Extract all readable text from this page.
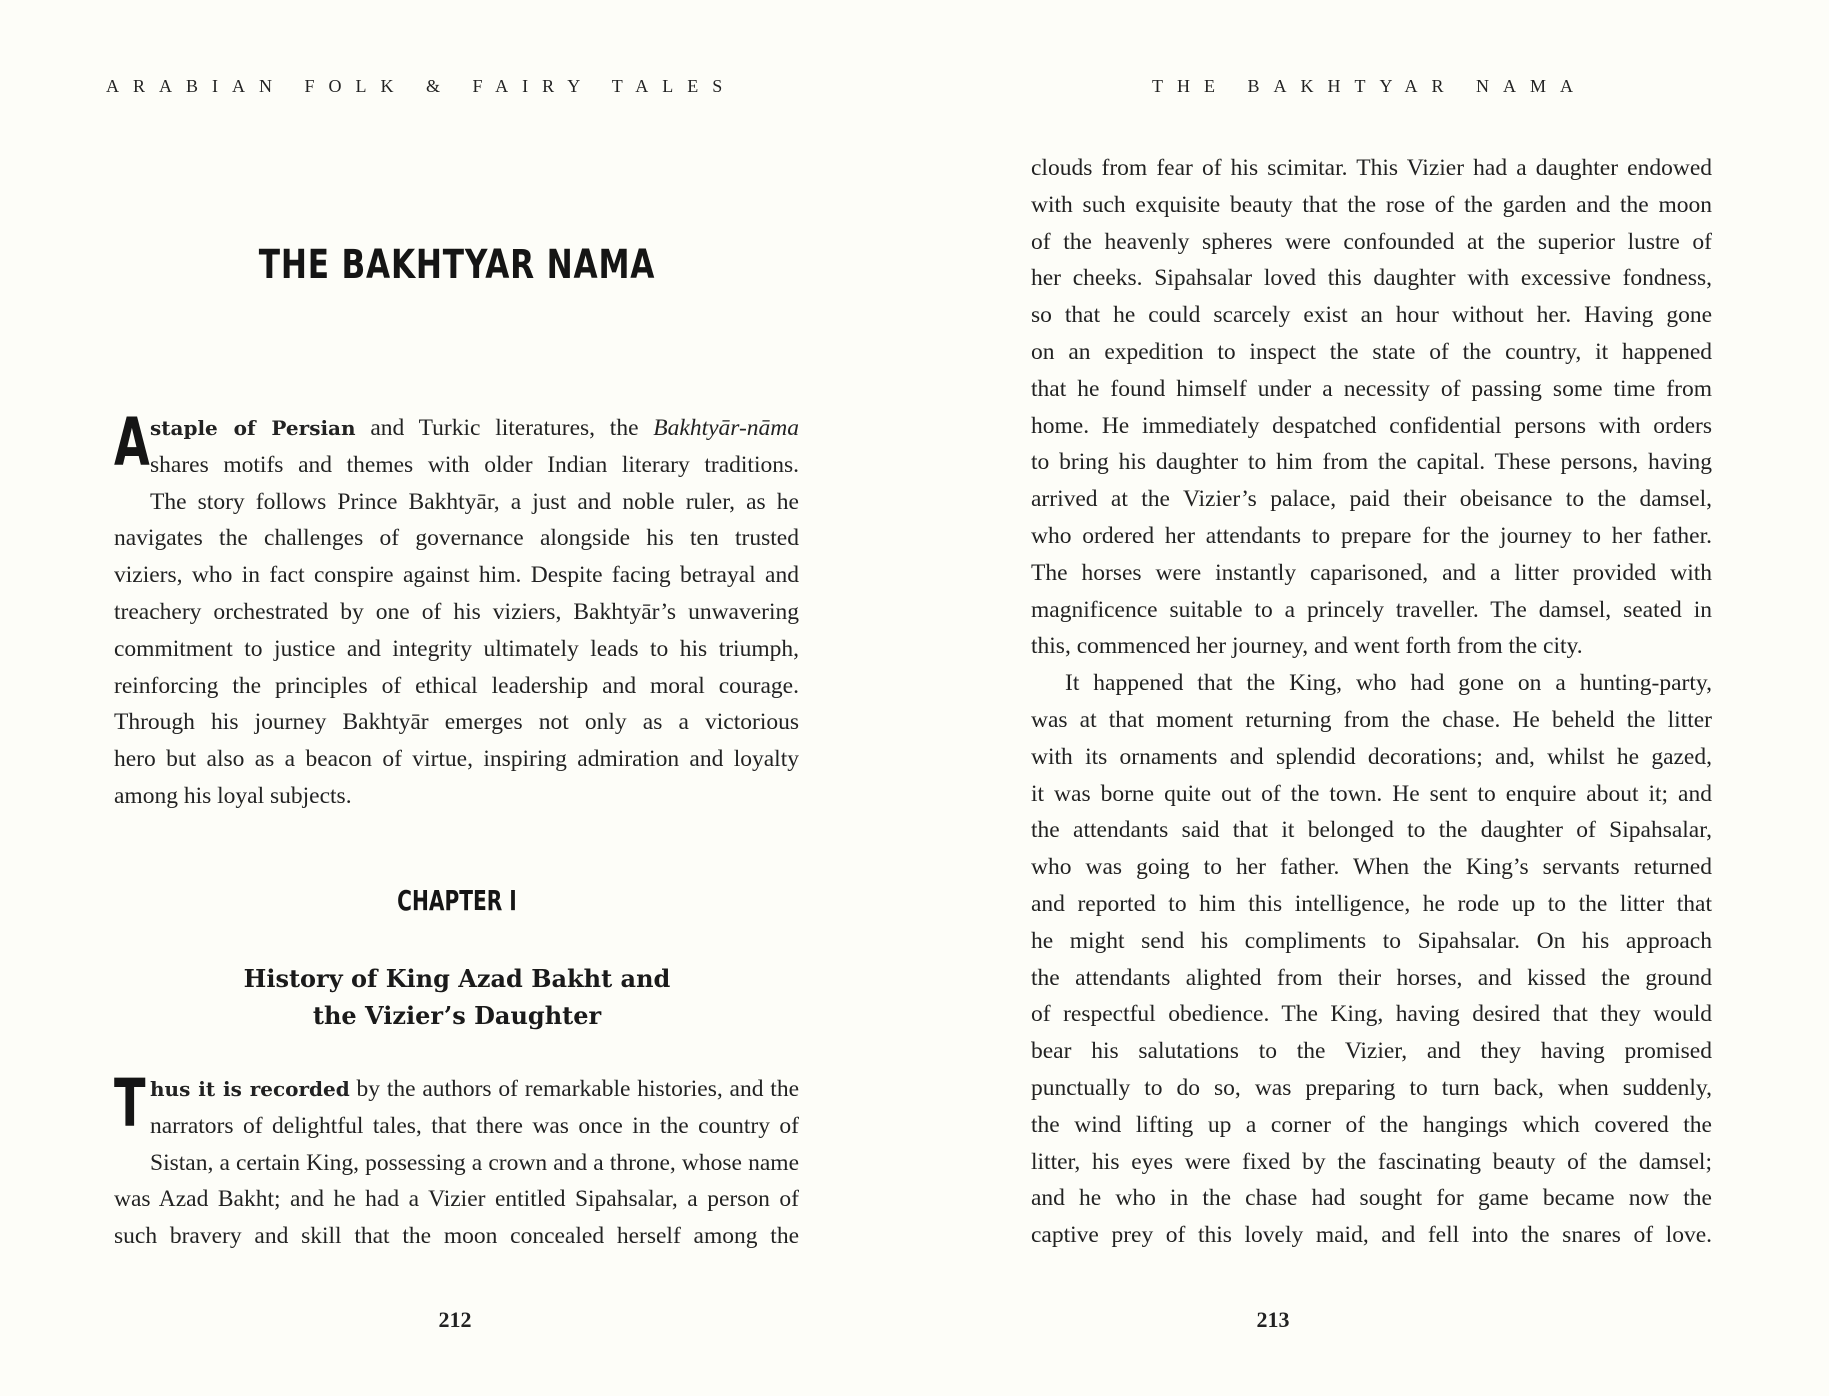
ARABIAN FOLK & FAIRY TALES
THE BAKHTYAR NAMA
A staple of Persian and Turkic literatures, the Bakhtyār-nāma
shares motifs and themes with older Indian literary traditions.
The story follows Prince Bakhtyār, a just and noble ruler, as he
navigates the challenges of governance alongside his ten trusted
viziers, who in fact conspire against him. Despite facing betrayal and
treachery orchestrated by one of his viziers, Bakhtyār’s unwavering
commitment to justice and integrity ultimately leads to his triumph,
reinforcing the principles of ethical leadership and moral courage.
Through his journey Bakhtyār emerges not only as a victorious
hero but also as a beacon of virtue, inspiring admiration and loyalty
among his loyal subjects.
CHAPTER I
History of King Azad Bakht and
the Vizier’s Daughter
T hus it is recorded by the authors of remarkable histories, and the
narrators of delightful tales, that there was once in the country of
Sistan, a certain King, possessing a crown and a throne, whose name
was Azad Bakht; and he had a Vizier entitled Sipahsalar, a person of
such bravery and skill that the moon concealed herself among the
212
THE BAKHTYAR NAMA
clouds from fear of his scimitar. This Vizier had a daughter endowed
with such exquisite beauty that the rose of the garden and the moon
of the heavenly spheres were confounded at the superior lustre of
her cheeks. Sipahsalar loved this daughter with excessive fondness,
so that he could scarcely exist an hour without her. Having gone
on an expedition to inspect the state of the country, it happened
that he found himself under a necessity of passing some time from
home. He immediately despatched confidential persons with orders
to bring his daughter to him from the capital. These persons, having
arrived at the Vizier’s palace, paid their obeisance to the damsel,
who ordered her attendants to prepare for the journey to her father.
The horses were instantly caparisoned, and a litter provided with
magnificence suitable to a princely traveller. The damsel, seated in
this, commenced her journey, and went forth from the city.
It happened that the King, who had gone on a hunting-party,
was at that moment returning from the chase. He beheld the litter
with its ornaments and splendid decorations; and, whilst he gazed,
it was borne quite out of the town. He sent to enquire about it; and
the attendants said that it belonged to the daughter of Sipahsalar,
who was going to her father. When the King’s servants returned
and reported to him this intelligence, he rode up to the litter that
he might send his compliments to Sipahsalar. On his approach
the attendants alighted from their horses, and kissed the ground
of respectful obedience. The King, having desired that they would
bear his salutations to the Vizier, and they having promised
punctually to do so, was preparing to turn back, when suddenly,
the wind lifting up a corner of the hangings which covered the
litter, his eyes were fixed by the fascinating beauty of the damsel;
and he who in the chase had sought for game became now the
captive prey of this lovely maid, and fell into the snares of love.
213
